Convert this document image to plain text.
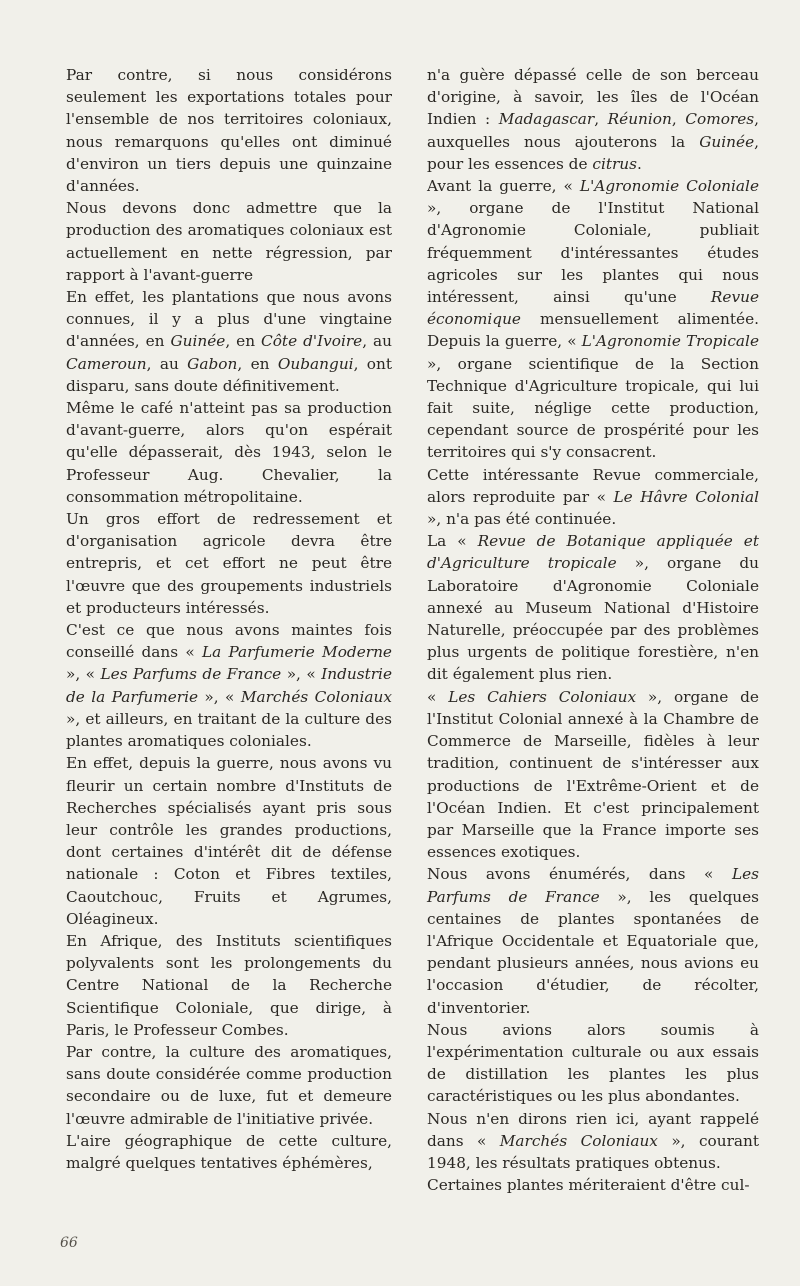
Par contre, si nous considérons seulement les exportations totales pour l'ensemble de nos territoires coloniaux, nous remarquons qu'elles ont diminué d'environ un tiers depuis une quinzaine d'années.

Nous devons donc admettre que la production des aromatiques coloniaux est actuellement en nette régression, par rapport à l'avant-guerre

En effet, les plantations que nous avons connues, il y a plus d'une vingtaine d'années, en Guinée, en Côte d'Ivoire, au Cameroun, au Gabon, en Oubangui, ont disparu, sans doute définitivement.

Même le café n'atteint pas sa production d'avant-guerre, alors qu'on espérait qu'elle dépasserait, dès 1943, selon le Professeur Aug. Chevalier, la consommation métropolitaine.

Un gros effort de redressement et d'organisation agricole devra être entrepris, et cet effort ne peut être l'œuvre que des groupements industriels et producteurs intéressés.

C'est ce que nous avons maintes fois conseillé dans « La Parfumerie Moderne », « Les Parfums de France », « Industrie de la Parfumerie », « Marchés Coloniaux », et ailleurs, en traitant de la culture des plantes aromatiques coloniales.

En effet, depuis la guerre, nous avons vu fleurir un certain nombre d'Instituts de Recherches spécialisés ayant pris sous leur contrôle les grandes productions, dont certaines d'intérêt dit de défense nationale : Coton et Fibres textiles, Caoutchouc, Fruits et Agrumes, Oléagineux.

En Afrique, des Instituts scientifiques polyvalents sont les prolongements du Centre National de la Recherche Scientifique Coloniale, que dirige, à Paris, le Professeur Combes.

Par contre, la culture des aromatiques, sans doute considérée comme production secondaire ou de luxe, fut et demeure l'œuvre admirable de l'initiative privée.

L'aire géographique de cette culture, malgré quelques tentatives éphémères,

n'a guère dépassé celle de son berceau d'origine, à savoir, les îles de l'Océan Indien : Madagascar, Réunion, Comores, auxquelles nous ajouterons la Guinée, pour les essences de citrus.

Avant la guerre, « L'Agronomie Coloniale », organe de l'Institut National d'Agronomie Coloniale, publiait fréquemment d'intéressantes études agricoles sur les plantes qui nous intéressent, ainsi qu'une Revue économique mensuellement alimentée. Depuis la guerre, « L'Agronomie Tropicale », organe scientifique de la Section Technique d'Agriculture tropicale, qui lui fait suite, néglige cette production, cependant source de prospérité pour les territoires qui s'y consacrent.

Cette intéressante Revue commerciale, alors reproduite par « Le Hâvre Colonial », n'a pas été continuée.

La « Revue de Botanique appliquée et d'Agriculture tropicale », organe du Laboratoire d'Agronomie Coloniale annexé au Museum National d'Histoire Naturelle, préoccupée par des problèmes plus urgents de politique forestière, n'en dit également plus rien.

« Les Cahiers Coloniaux », organe de l'Institut Colonial annexé à la Chambre de Commerce de Marseille, fidèles à leur tradition, continuent de s'intéresser aux productions de l'Extrême-Orient et de l'Océan Indien. Et c'est principalement par Marseille que la France importe ses essences exotiques.

Nous avons énumérés, dans « Les Parfums de France », les quelques centaines de plantes spontanées de l'Afrique Occidentale et Equatoriale que, pendant plusieurs années, nous avions eu l'occasion d'étudier, de récolter, d'inventorier.

Nous avions alors soumis à l'expérimentation culturale ou aux essais de distillation les plantes les plus caractéristiques ou les plus abondantes.

Nous n'en dirons rien ici, ayant rappelé dans « Marchés Coloniaux », courant 1948, les résultats pratiques obtenus.

Certaines plantes mériteraient d'être cul-

66
